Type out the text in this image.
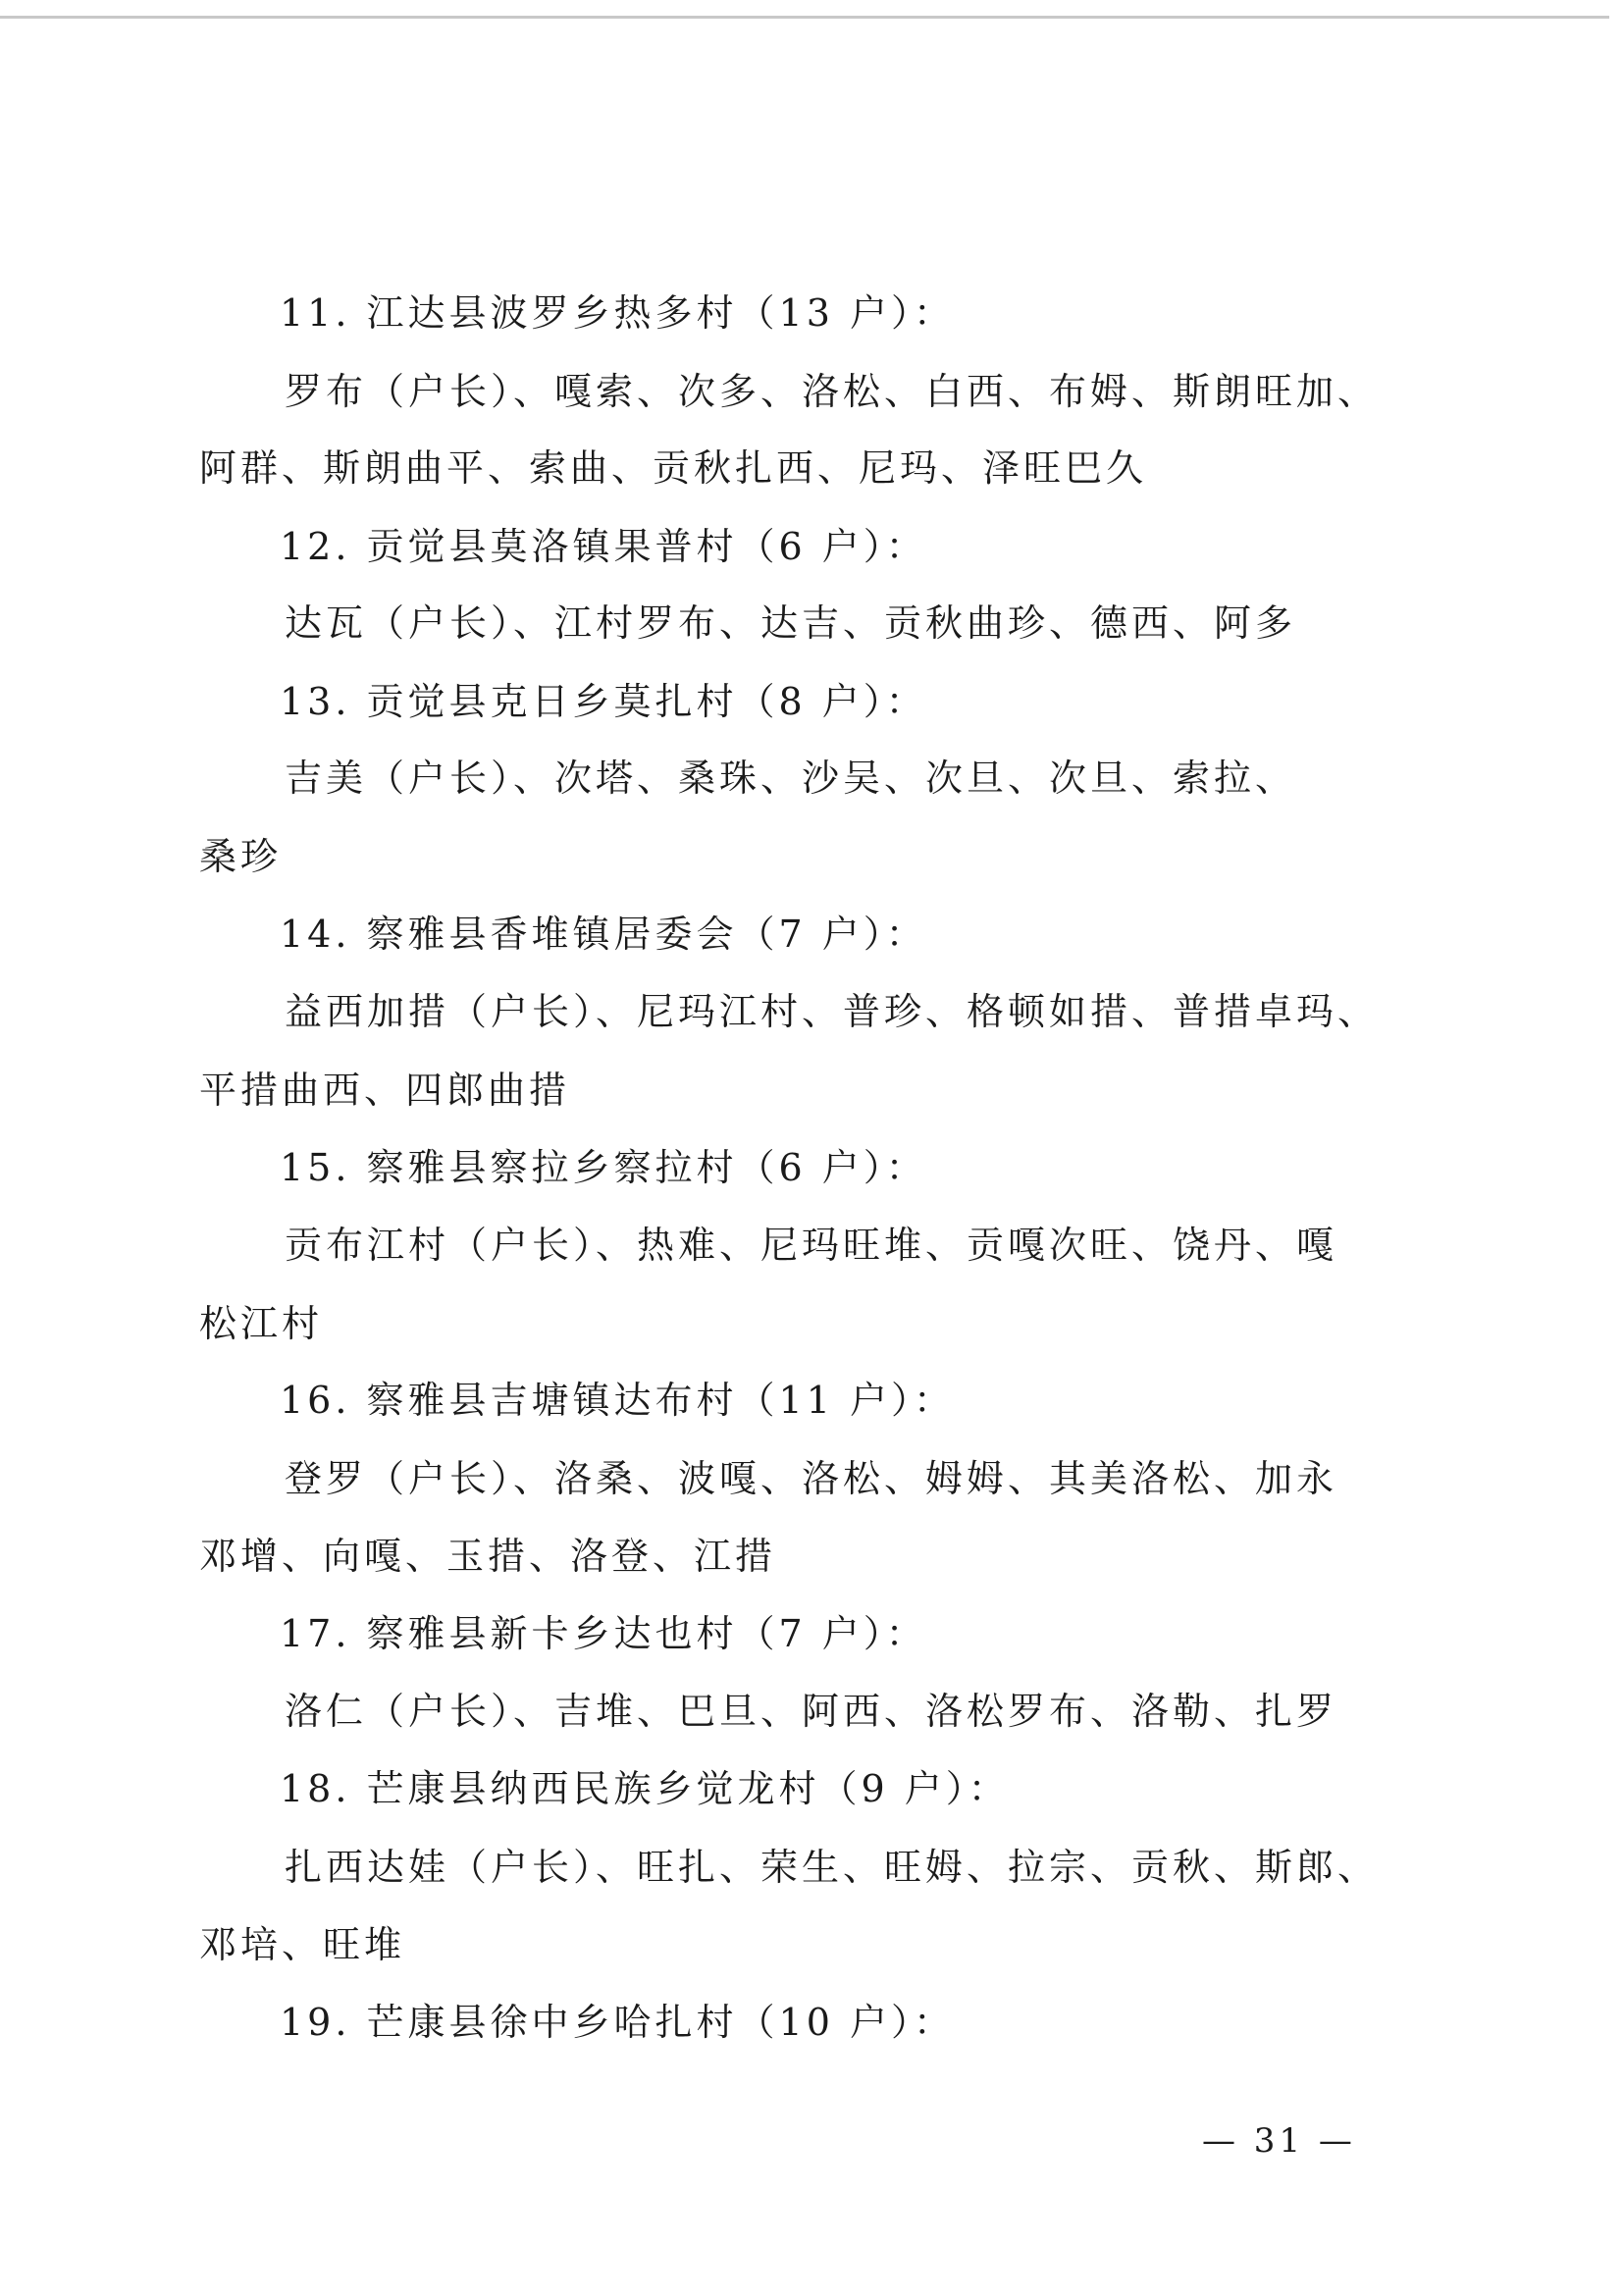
11. 江达县波罗乡热多村（13 户）：
罗布（户长）、嘎索、次多、洛松、白西、布姆、斯朗旺加、
阿群、斯朗曲平、索曲、贡秋扎西、尼玛、泽旺巴久
12. 贡觉县莫洛镇果普村（6 户）：
达瓦（户长）、江村罗布、达吉、贡秋曲珍、德西、阿多
13. 贡觉县克日乡莫扎村（8 户）：
吉美（户长）、次塔、桑珠、沙吴、次旦、次旦、索拉、
桑珍
14. 察雅县香堆镇居委会（7 户）：
益西加措（户长）、尼玛江村、普珍、格顿如措、普措卓玛、
平措曲西、四郎曲措
15. 察雅县察拉乡察拉村（6 户）：
贡布江村（户长）、热难、尼玛旺堆、贡嘎次旺、饶丹、嘎
松江村
16. 察雅县吉塘镇达布村（11 户）：
登罗（户长）、洛桑、波嘎、洛松、姆姆、其美洛松、加永
邓增、向嘎、玉措、洛登、江措
17. 察雅县新卡乡达也村（7 户）：
洛仁（户长）、吉堆、巴旦、阿西、洛松罗布、洛勒、扎罗
18. 芒康县纳西民族乡觉龙村（9 户）：
扎西达娃（户长）、旺扎、荣生、旺姆、拉宗、贡秋、斯郎、
邓培、旺堆
19. 芒康县徐中乡哈扎村（10 户）：
— 31 —
